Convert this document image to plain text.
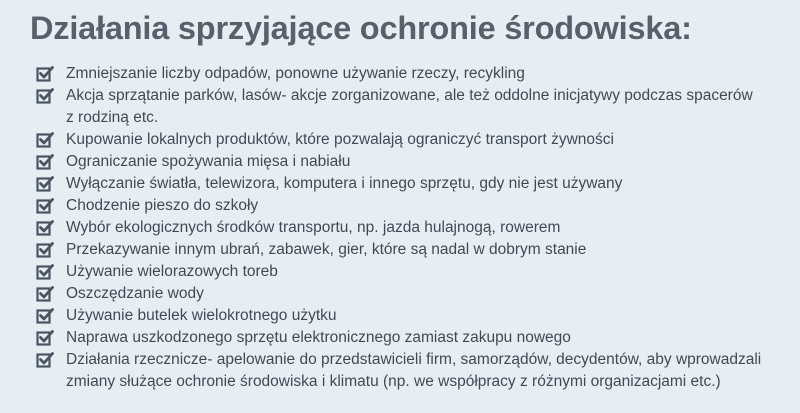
Działania sprzyjające ochronie środowiska:
Zmniejszanie liczby odpadów, ponowne używanie rzeczy, recykling
Akcja sprzątanie parków, lasów- akcje zorganizowane, ale też oddolne inicjatywy podczas spacerów
z rodziną etc.
Kupowanie lokalnych produktów, które pozwalają ograniczyć transport żywności
Ograniczanie spożywania mięsa i nabiału
Wyłączanie światła, telewizora, komputera i innego sprzętu, gdy nie jest używany
Chodzenie pieszo do szkoły
Wybór ekologicznych środków transportu, np. jazda hulajnogą, rowerem
Przekazywanie innym ubrań, zabawek, gier, które są nadal w dobrym stanie
Używanie wielorazowych toreb
Oszczędzanie wody
Używanie butelek wielokrotnego użytku
Naprawa uszkodzonego sprzętu elektronicznego zamiast zakupu nowego
Działania rzecznicze- apelowanie do przedstawicieli firm, samorządów, decydentów, aby wprowadzali
zmiany służące ochronie środowiska i klimatu (np. we współpracy z różnymi organizacjami etc.)
